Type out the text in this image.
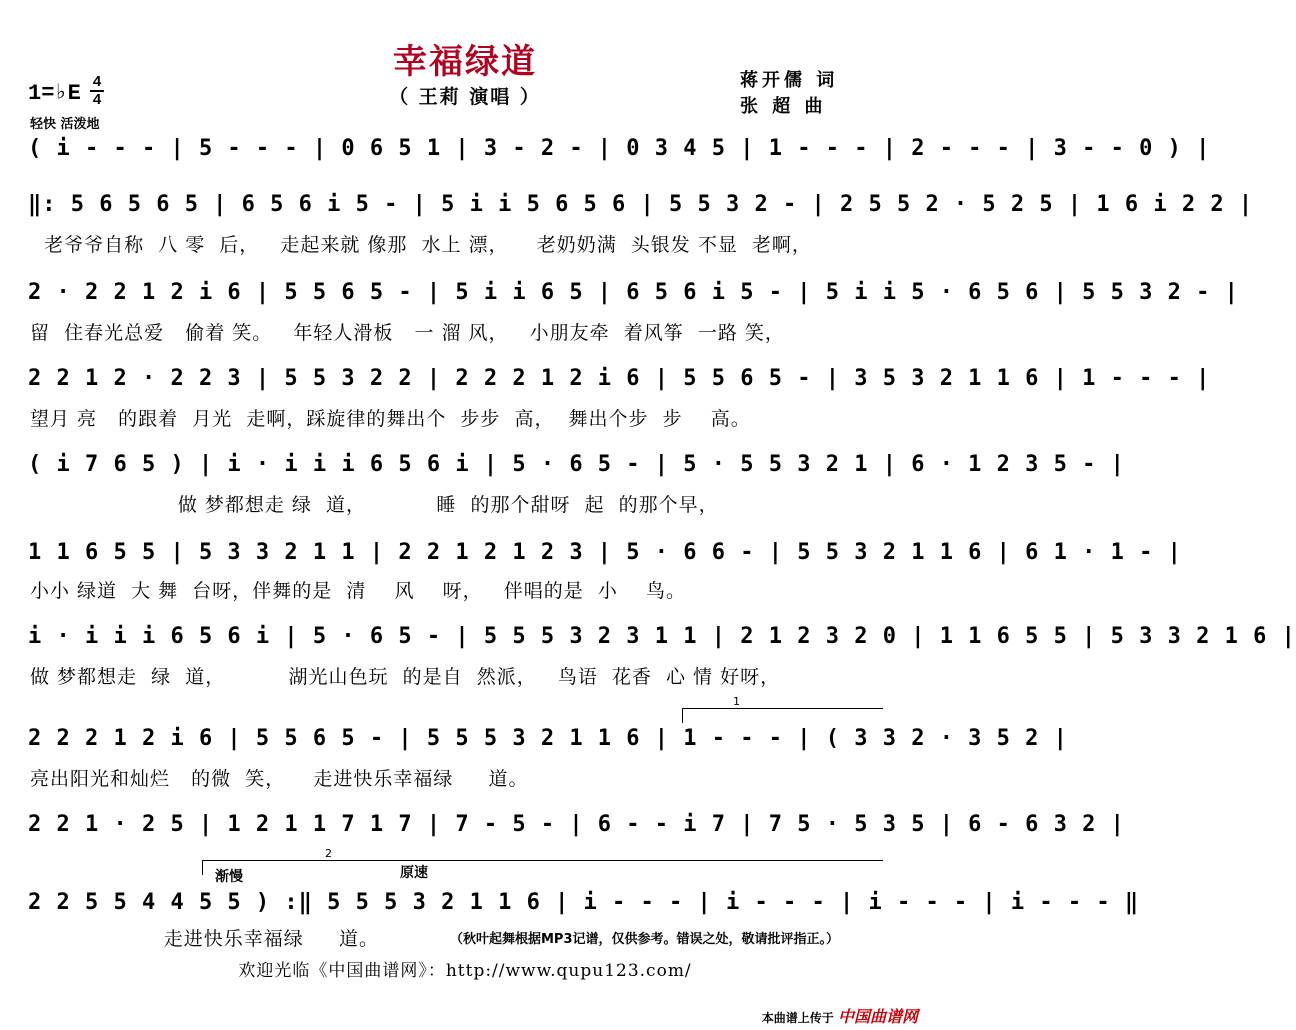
幸福绿道
（ 王莉 演唱 ）
蒋开儒 词
张 超 曲
1=♭E 4
4
轻快 活泼地
( i - - - | 5 - - - | 0 6 5 1 | 3 - 2 - | 0 3 4 5 | 1 - - - | 2 - - - | 3 - - 0 ) |
‖: 5 6 5 6 5 | 6 5 6 i 5 - | 5 i i 5 6 5 6 | 5 5 3 2 - | 2 5 5 2 · 5 2 5 | 1 6 i 2 2 |
老爷爷自称  八 零  后，   走起来就 像那  水上 漂，    老奶奶满  头银发 不显  老啊，
2 · 2 2 1 2 i 6 | 5 5 6 5 - | 5 i i 6 5 | 6 5 6 i 5 - | 5 i i 5 · 6 5 6 | 5 5 3 2 - |
留  住春光总爱   偷着 笑。   年轻人滑板   一 溜 风，   小朋友牵  着风筝  一路 笑，
2 2 1 2 · 2 2 3 | 5 5 3 2 2 | 2 2 2 1 2 i 6 | 5 5 6 5 - | 3 5 3 2 1 1 6 | 1 - - - |
望月 亮   的跟着  月光  走啊，踩旋律的舞出个  步步  高，  舞出个步  步    高。
( i 7 6 5 ) | i · i i i 6 5 6 i | 5 · 6 5 - | 5 · 5 5 3 2 1 | 6 · 1 2 3 5 - |
做 梦都想走 绿  道，          睡  的那个甜呀  起  的那个早，
1 1 6 5 5 | 5 3 3 2 1 1 | 2 2 1 2 1 2 3 | 5 · 6 6 - | 5 5 3 2 1 1 6 | 6 1 · 1 - |
小小 绿道  大 舞  台呀，伴舞的是  清    风    呀，   伴唱的是  小    鸟。
i · i i i 6 5 6 i | 5 · 6 5 - | 5 5 5 3 2 3 1 1 | 2 1 2 3 2 0 | 1 1 6 5 5 | 5 3 3 2 1 6 |
做 梦都想走  绿  道，         湖光山色玩  的是自  然派，   鸟语  花香  心 情 好呀，
1
2 2 2 1 2 i 6 | 5 5 6 5 - | 5 5 5 3 2 1 1 6 | 1 - - - | ( 3 3 2 · 3 5 2 |
亮出阳光和灿烂   的微  笑，    走进快乐幸福绿     道。
2 2 1 · 2 5 | 1 2 1 1 7 1 7 | 7 - 5 - | 6 - - i 7 | 7 5 · 5 3 5 | 6 - 6 3 2 |
2
渐慢	原速
2 2 5 5 4 4 5 5 ) :‖ 5 5 5 3 2 1 1 6 | i - - - | i - - - | i - - - | i - - - ‖
走进快乐幸福绿     道。	（秋叶起舞根据MP3记谱，仅供参考。错误之处，敬请批评指正。）
欢迎光临《中国曲谱网》：http://www.qupu123.com/
本曲谱上传于 中国曲谱网
